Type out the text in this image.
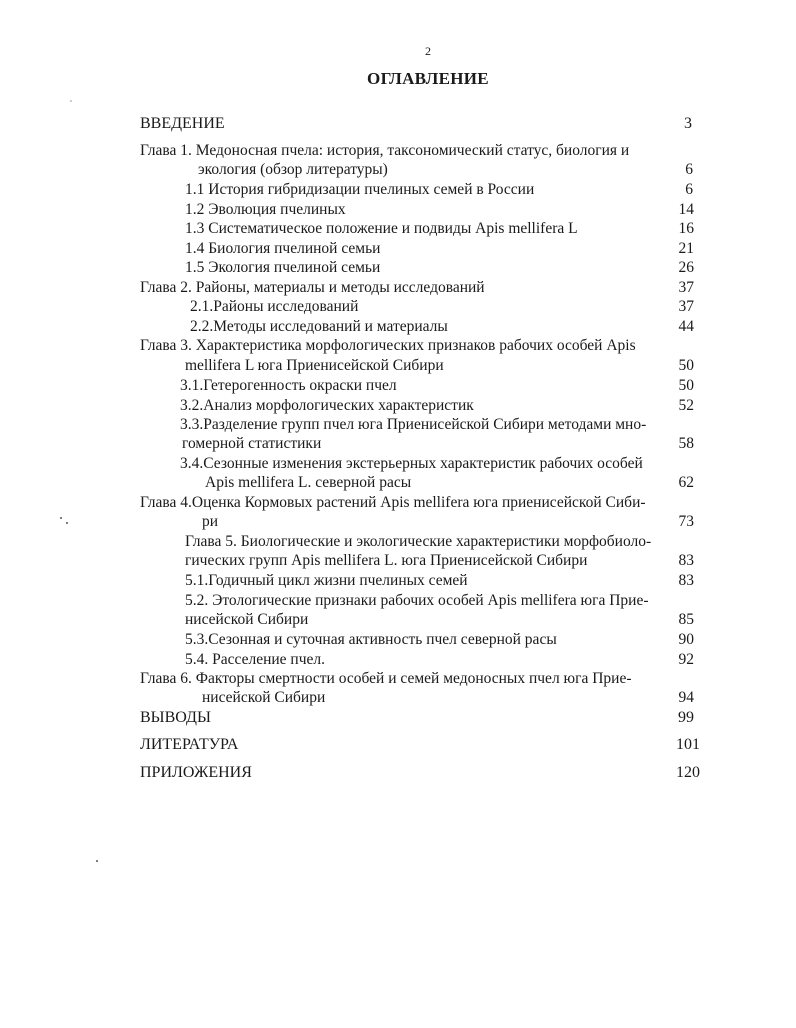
2
ОГЛАВЛЕНИЕ
ВВЕДЕНИЕ	3
Глава 1. Медоносная пчела: история, таксономический статус, биология и
экология (обзор литературы)	6
1.1 История гибридизации пчелиных семей в России	6
1.2 Эволюция пчелиных	14
1.3 Систематическое положение и подвиды Apis mellifera L	16
1.4 Биология пчелиной семьи	21
1.5 Экология пчелиной семьи	26
Глава 2. Районы, материалы и методы исследований	37
2.1.Районы исследований	37
2.2.Методы исследований и материалы	44
Глава 3. Характеристика морфологических признаков рабочих особей Apis
mellifera L юга Приенисейской Сибири	50
3.1.Гетерогенность окраски пчел	50
3.2.Анализ морфологических характеристик	52
3.3.Разделение групп пчел юга Приенисейской Сибири методами мно-
гомерной статистики	58
3.4.Сезонные изменения экстерьерных характеристик рабочих особей
Apis mellifera L. северной расы	62
Глава 4.Оценка Кормовых растений Apis mellifera юга приенисейской Сиби-
ри	73
Глава 5. Биологические и экологические характеристики морфобиоло-
гических групп Apis mellifera L. юга Приенисейской Сибири	83
5.1.Годичный цикл жизни пчелиных семей	83
5.2. Этологические признаки рабочих особей Apis mellifera юга Прие-
нисейской Сибири	85
5.3.Сезонная и суточная активность пчел северной расы	90
5.4. Расселение пчел.	92
Глава 6. Факторы смертности особей и семей медоносных пчел юга Прие-
нисейской Сибири	94
ВЫВОДЫ	99
ЛИТЕРАТУРА	101
ПРИЛОЖЕНИЯ	120
